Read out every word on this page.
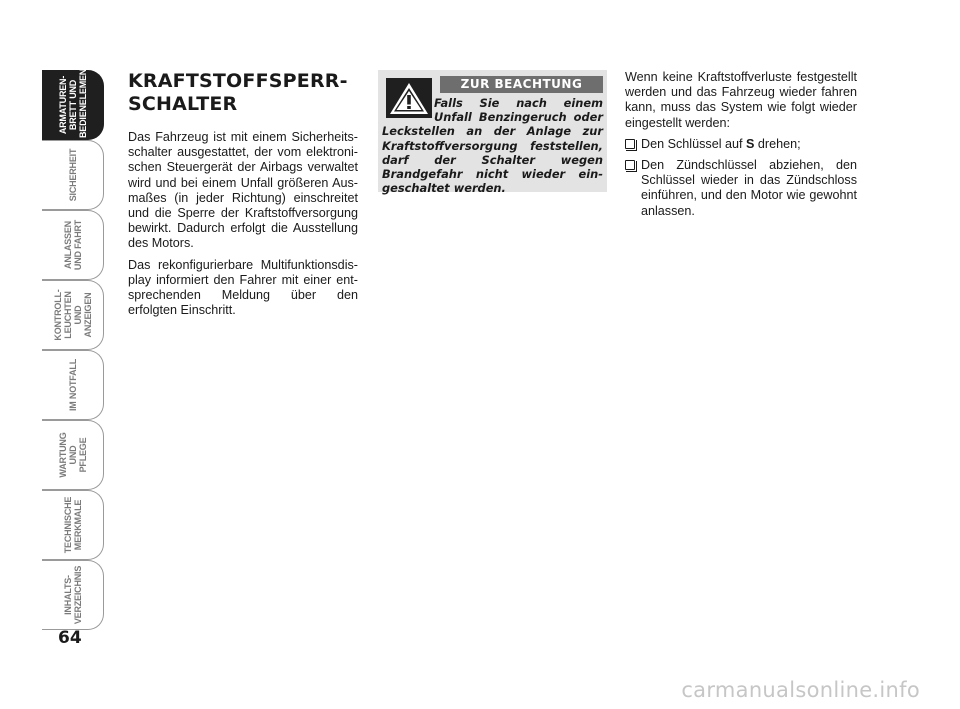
ARMATUREN-
BRETT UND
BEDIENELEMENTE
SICHERHEIT
ANLASSEN
UND FAHRT
KONTROLL-
LEUCHTEN UND
ANZEIGEN
IM NOTFALL
WARTUNG UND
PFLEGE
TECHNISCHE
MERKMALE
INHALTS-
VERZEICHNIS
64
KRAFTSTOFFSPERR-
SCHALTER

Das Fahrzeug ist mit einem Sicherheitsschalter ausgestattet, der vom elektronischen Steuergerät der Airbags verwaltet wird und bei einem Unfall größeren Ausmaßes (in jeder Richtung) einschreitet und die Sperre der Kraftstoffversorgung bewirkt. Dadurch erfolgt die Ausstellung des Motors.

Das rekonfigurierbare Multifunktionsdisplay informiert den Fahrer mit einer entsprechenden Meldung über den erfolgten Einschritt.

ZUR BEACHTUNG
Falls Sie nach einem Unfall Benzingeruch oder Leckstellen an der Anlage zur Kraftstoffversorgung feststellen, darf der Schalter wegen Brandgefahr nicht wieder eingeschaltet werden.

Wenn keine Kraftstoffverluste festgestellt werden und das Fahrzeug wieder fahren kann, muss das System wie folgt wieder eingestellt werden:

Den Schlüssel auf S drehen;
Den Zündschlüssel abziehen, den Schlüssel wieder in das Zündschloss einführen, und den Motor wie gewohnt anlassen.
carmanualsonline.info
